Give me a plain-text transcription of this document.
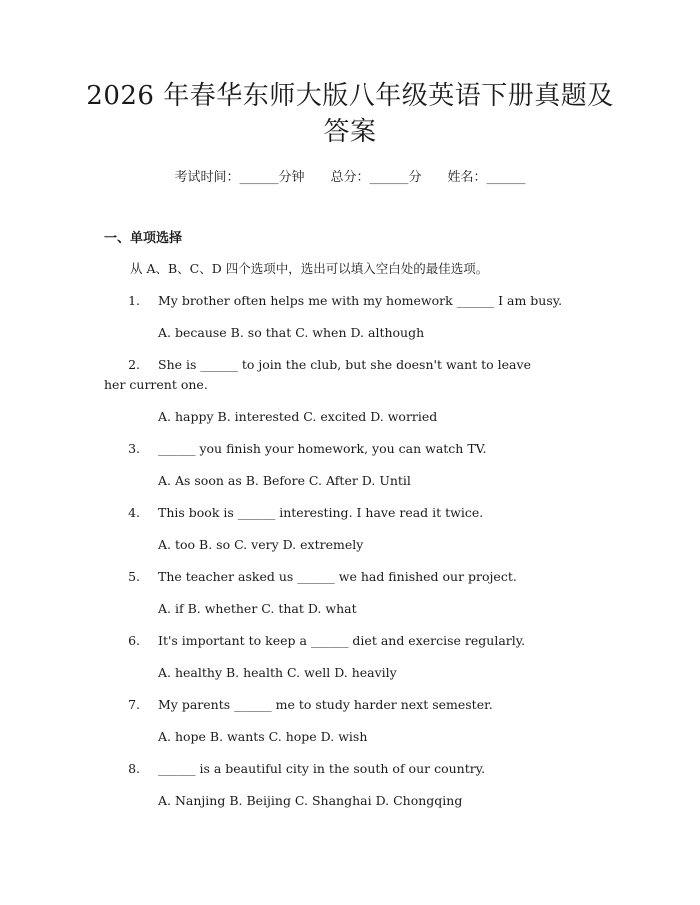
2026 年春华东师大版八年级英语下册真题及
答案
考试时间：______分钟 总分：______分 姓名：______
一、单项选择
从 A、B、C、D 四个选项中，选出可以填入空白处的最佳选项。
1. My brother often helps me with my homework ______ I am busy.
A. because B. so that C. when D. although
2. She is ______ to join the club, but she doesn't want to leave
her current one.
A. happy B. interested C. excited D. worried
3. ______ you finish your homework, you can watch TV.
A. As soon as B. Before C. After D. Until
4. This book is ______ interesting. I have read it twice.
A. too B. so C. very D. extremely
5. The teacher asked us ______ we had finished our project.
A. if B. whether C. that D. what
6. It's important to keep a ______ diet and exercise regularly.
A. healthy B. health C. well D. heavily
7. My parents ______ me to study harder next semester.
A. hope B. wants C. hope D. wish
8. ______ is a beautiful city in the south of our country.
A. Nanjing B. Beijing C. Shanghai D. Chongqing
